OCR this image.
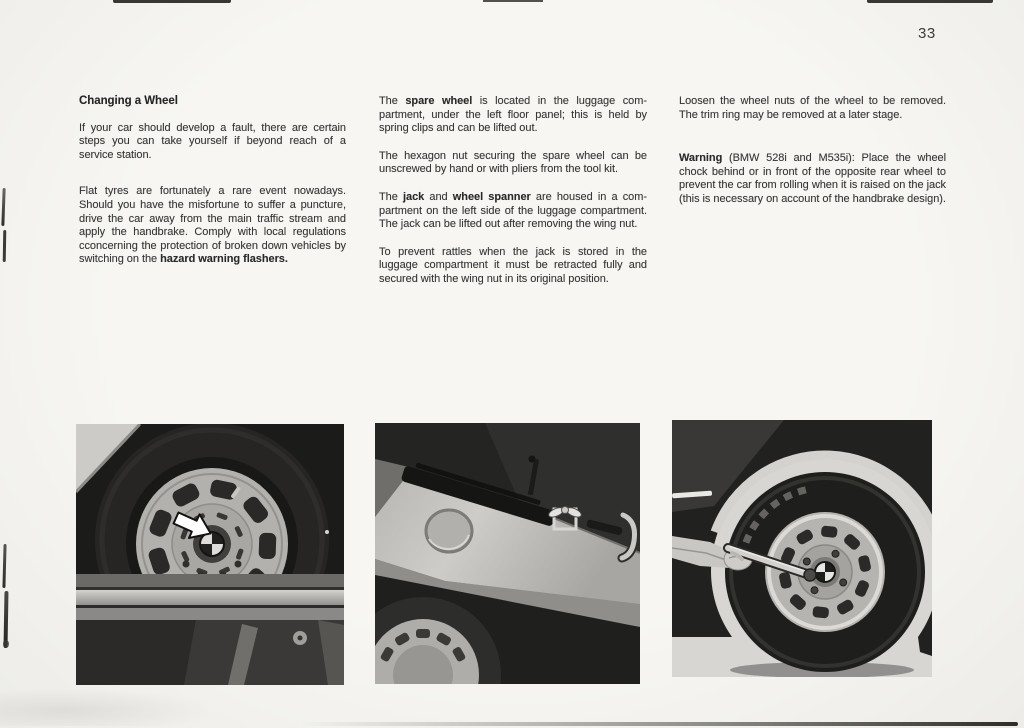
33
Changing a Wheel

If your car should develop a fault, there are certain steps you can take yourself if beyond reach of a service station.

Flat tyres are fortunately a rare event nowadays. Should you have the misfortune to suffer a puncture, drive the car away from the main traffic stream and apply the handbrake. Comply with local regulations cconcerning the protection of broken down vehicles by switching on the hazard warning flashers.

The spare wheel is located in the luggage compartment, under the left floor panel; this is held by spring clips and can be lifted out.

The hexagon nut securing the spare wheel can be unscrewed by hand or with pliers from the tool kit.

The jack and wheel spanner are housed in a compartment on the left side of the luggage compartment. The jack can be lifted out after removing the wing nut.

To prevent rattles when the jack is stored in the luggage compartment it must be retracted fully and secured with the wing nut in its original position.

Loosen the wheel nuts of the wheel to be removed. The trim ring may be removed at a later stage.

Warning (BMW 528i and M535i): Place the wheel chock behind or in front of the opposite rear wheel to prevent the car from rolling when it is raised on the jack (this is necessary on account of the handbrake design).
